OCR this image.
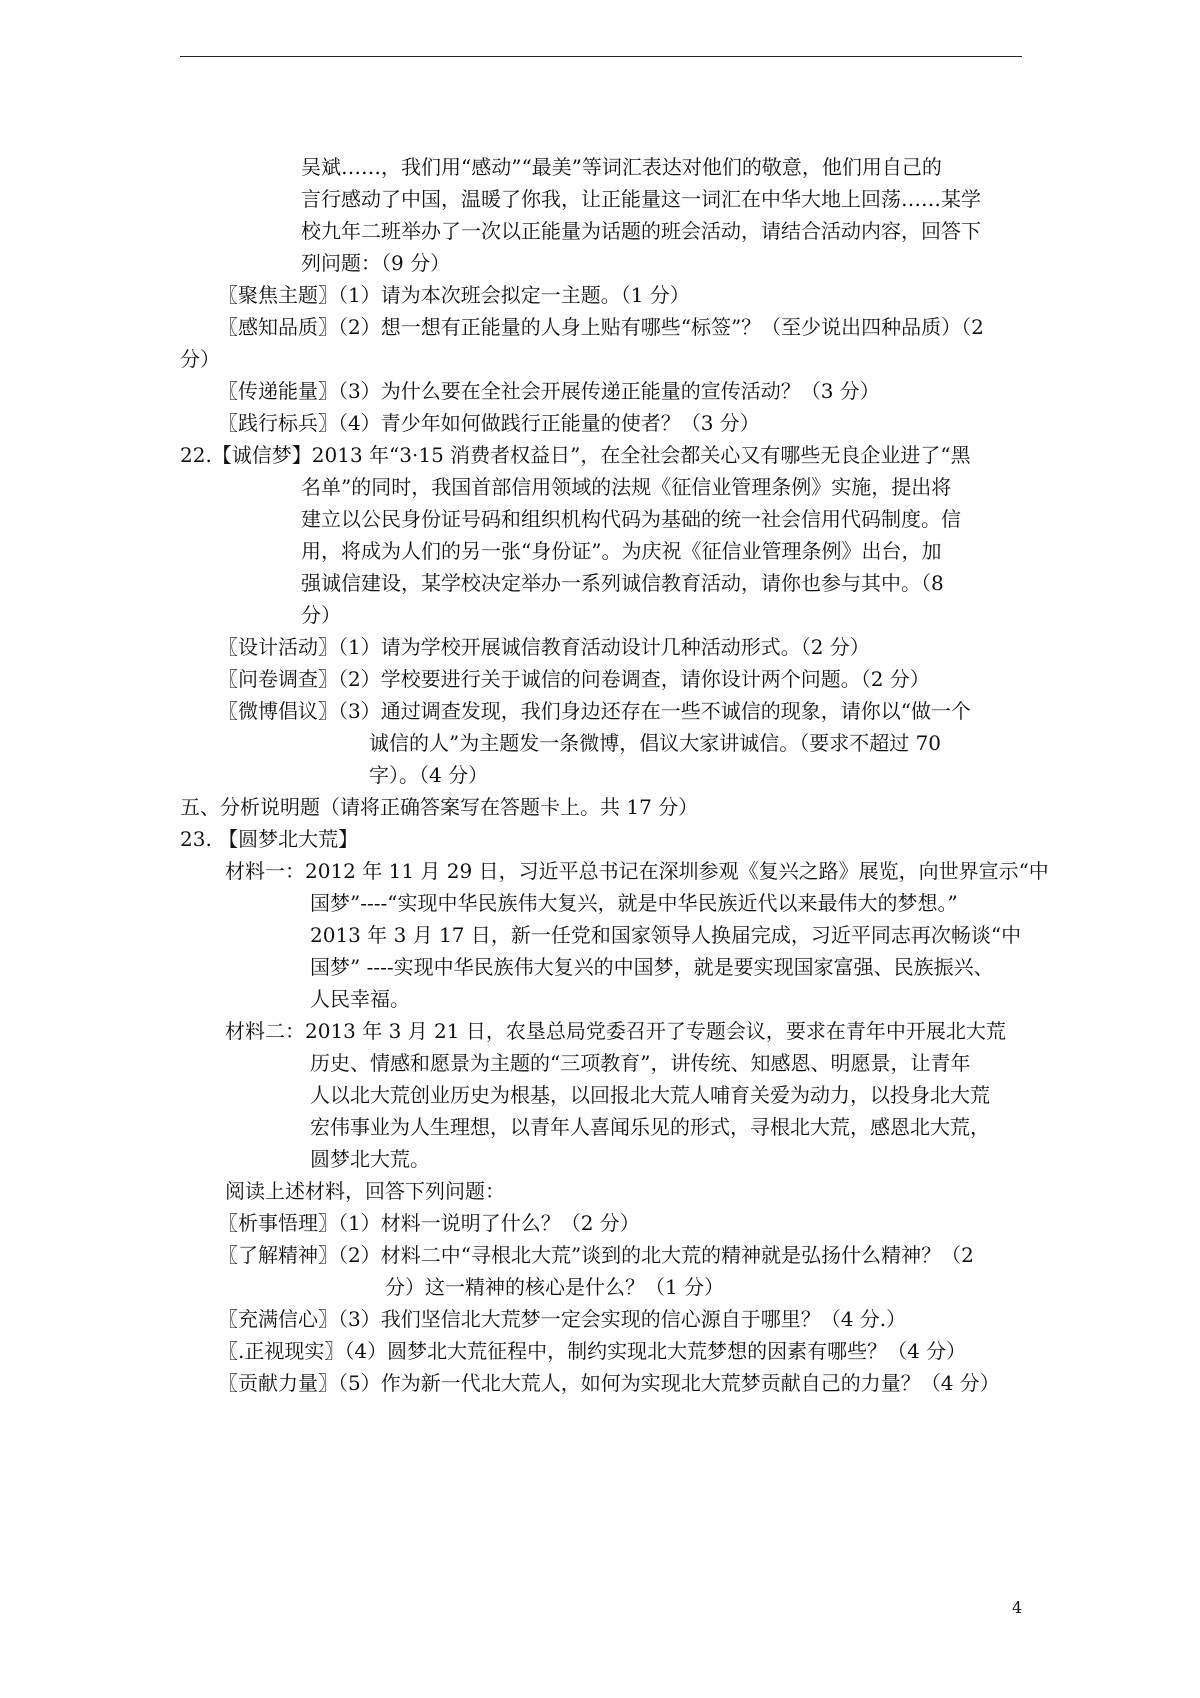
吴斌……，我们用“感动”“最美”等词汇表达对他们的敬意，他们用自己的
言行感动了中国，温暖了你我，让正能量这一词汇在中华大地上回荡……某学
校九年二班举办了一次以正能量为话题的班会活动，请结合活动内容，回答下
列问题：（9 分）
〖聚焦主题〗（1）请为本次班会拟定一主题。（1 分）
〖感知品质〗（2）想一想有正能量的人身上贴有哪些“标签”？（至少说出四种品质）（2
分）
〖传递能量〗（3）为什么要在全社会开展传递正能量的宣传活动？（3 分）
〖践行标兵〗（4）青少年如何做践行正能量的使者？（3 分）
22.【诚信梦】2013 年“3·15 消费者权益日”，在全社会都关心又有哪些无良企业进了“黑
名单”的同时，我国首部信用领域的法规《征信业管理条例》实施，提出将
建立以公民身份证号码和组织机构代码为基础的统一社会信用代码制度。信
用，将成为人们的另一张“身份证”。为庆祝《征信业管理条例》出台，加
强诚信建设，某学校决定举办一系列诚信教育活动，请你也参与其中。（8
分）
〖设计活动〗（1）请为学校开展诚信教育活动设计几种活动形式。（2 分）
〖问卷调查〗（2）学校要进行关于诚信的问卷调查，请你设计两个问题。（2 分）
〖微博倡议〗（3）通过调查发现，我们身边还存在一些不诚信的现象，请你以“做一个
诚信的人”为主题发一条微博，倡议大家讲诚信。（要求不超过 70
字）。（4 分）
五、分析说明题（请将正确答案写在答题卡上。共 17 分）
23. 【圆梦北大荒】
材料一：2012 年 11 月 29 日，习近平总书记在深圳参观《复兴之路》展览，向世界宣示“中
国梦”----“实现中华民族伟大复兴，就是中华民族近代以来最伟大的梦想。”
2013 年 3 月 17 日，新一任党和国家领导人换届完成，习近平同志再次畅谈“中
国梦” ----实现中华民族伟大复兴的中国梦，就是要实现国家富强、民族振兴、
人民幸福。
材料二：2013 年 3 月 21 日，农垦总局党委召开了专题会议，要求在青年中开展北大荒
历史、情感和愿景为主题的“三项教育”，讲传统、知感恩、明愿景，让青年
人以北大荒创业历史为根基，以回报北大荒人哺育关爱为动力，以投身北大荒
宏伟事业为人生理想，以青年人喜闻乐见的形式，寻根北大荒，感恩北大荒，
圆梦北大荒。
阅读上述材料，回答下列问题：
〖析事悟理〗（1）材料一说明了什么？（2 分）
〖了解精神〗（2）材料二中“寻根北大荒”谈到的北大荒的精神就是弘扬什么精神？（2
分）这一精神的核心是什么？（1 分）
〖充满信心〗（3）我们坚信北大荒梦一定会实现的信心源自于哪里？（4 分.）
〖.正视现实〗（4）圆梦北大荒征程中，制约实现北大荒梦想的因素有哪些？（4 分）
〖贡献力量〗（5）作为新一代北大荒人，如何为实现北大荒梦贡献自己的力量？（4 分）
4
